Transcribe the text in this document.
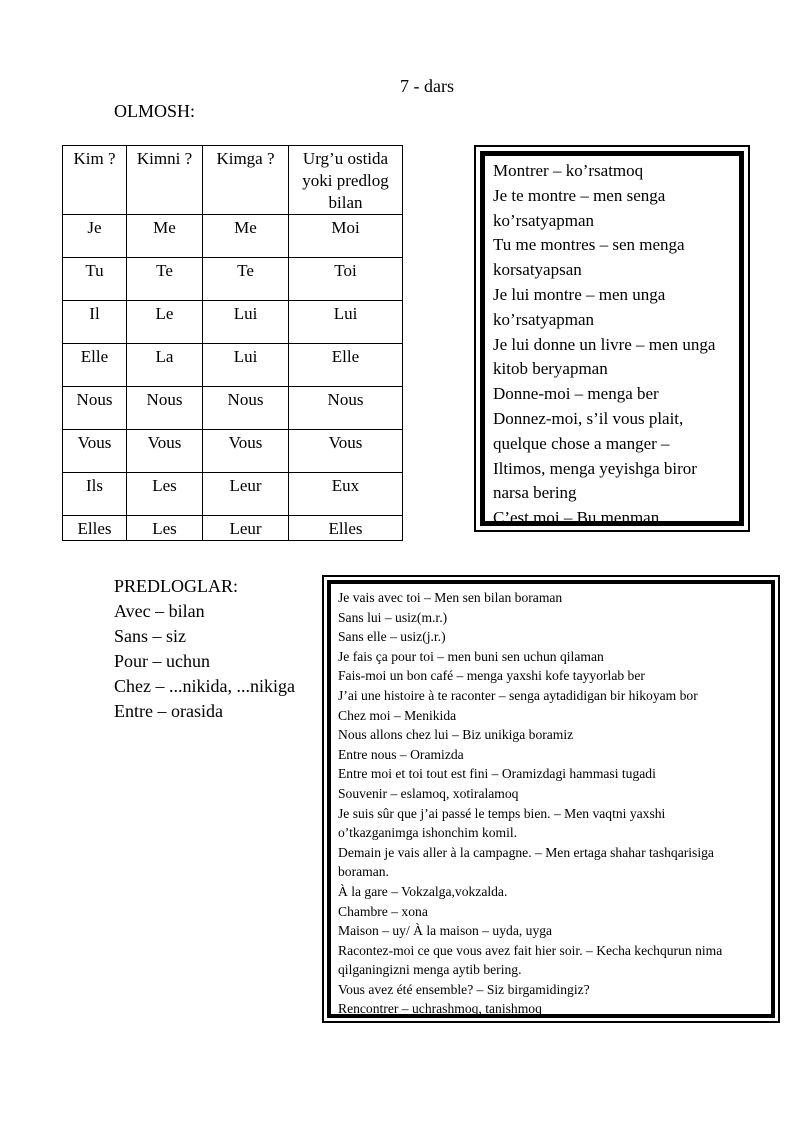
7 - dars
OLMOSH:
Kim ?	Kimni ?	Kimga ?	Urg’u ostida yoki predlog bilan
Je	Me	Me	Moi
Tu	Te	Te	Toi
Il	Le	Lui	Lui
Elle	La	Lui	Elle
Nous	Nous	Nous	Nous
Vous	Vous	Vous	Vous
Ils	Les	Leur	Eux
Elles	Les	Leur	Elles
Montrer – ko’rsatmoq
Je te montre – men senga
ko’rsatyapman
Tu me montres – sen menga
korsatyapsan
Je lui montre – men unga
ko’rsatyapman
Je lui donne un livre – men unga
kitob beryapman
Donne-moi – menga ber
Donnez-moi, s’il vous plait,
quelque chose a manger –
Iltimos, menga yeyishga biror
narsa bering
C’est moi – Bu menman
PREDLOGLAR:
Avec – bilan
Sans – siz
Pour – uchun
Chez – ...nikida, ...nikiga
Entre – orasida
Je vais avec toi – Men sen bilan boraman
Sans lui – usiz(m.r.)
Sans elle – usiz(j.r.)
Je fais ça pour toi – men buni sen uchun qilaman
Fais-moi un bon café – menga yaxshi kofe tayyorlab ber
J’ai une histoire à te raconter – senga aytadidigan bir hikoyam bor
Chez moi – Menikida
Nous allons chez lui – Biz unikiga boramiz
Entre nous – Oramizda
Entre moi et toi tout est fini – Oramizdagi hammasi tugadi
Souvenir – eslamoq, xotiralamoq
Je suis sûr que j’ai passé le temps bien. – Men vaqtni yaxshi
o’tkazganimga ishonchim komil.
Demain je vais aller à la campagne. – Men ertaga shahar tashqarisiga
boraman.
À la gare – Vokzalga,vokzalda.
Chambre – xona
Maison – uy/ À la maison – uyda, uyga
Racontez-moi ce que vous avez fait hier soir. – Kecha kechqurun nima
qilganingizni menga aytib bering.
Vous avez été ensemble? – Siz birgamidingiz?
Rencontrer – uchrashmoq, tanishmoq
